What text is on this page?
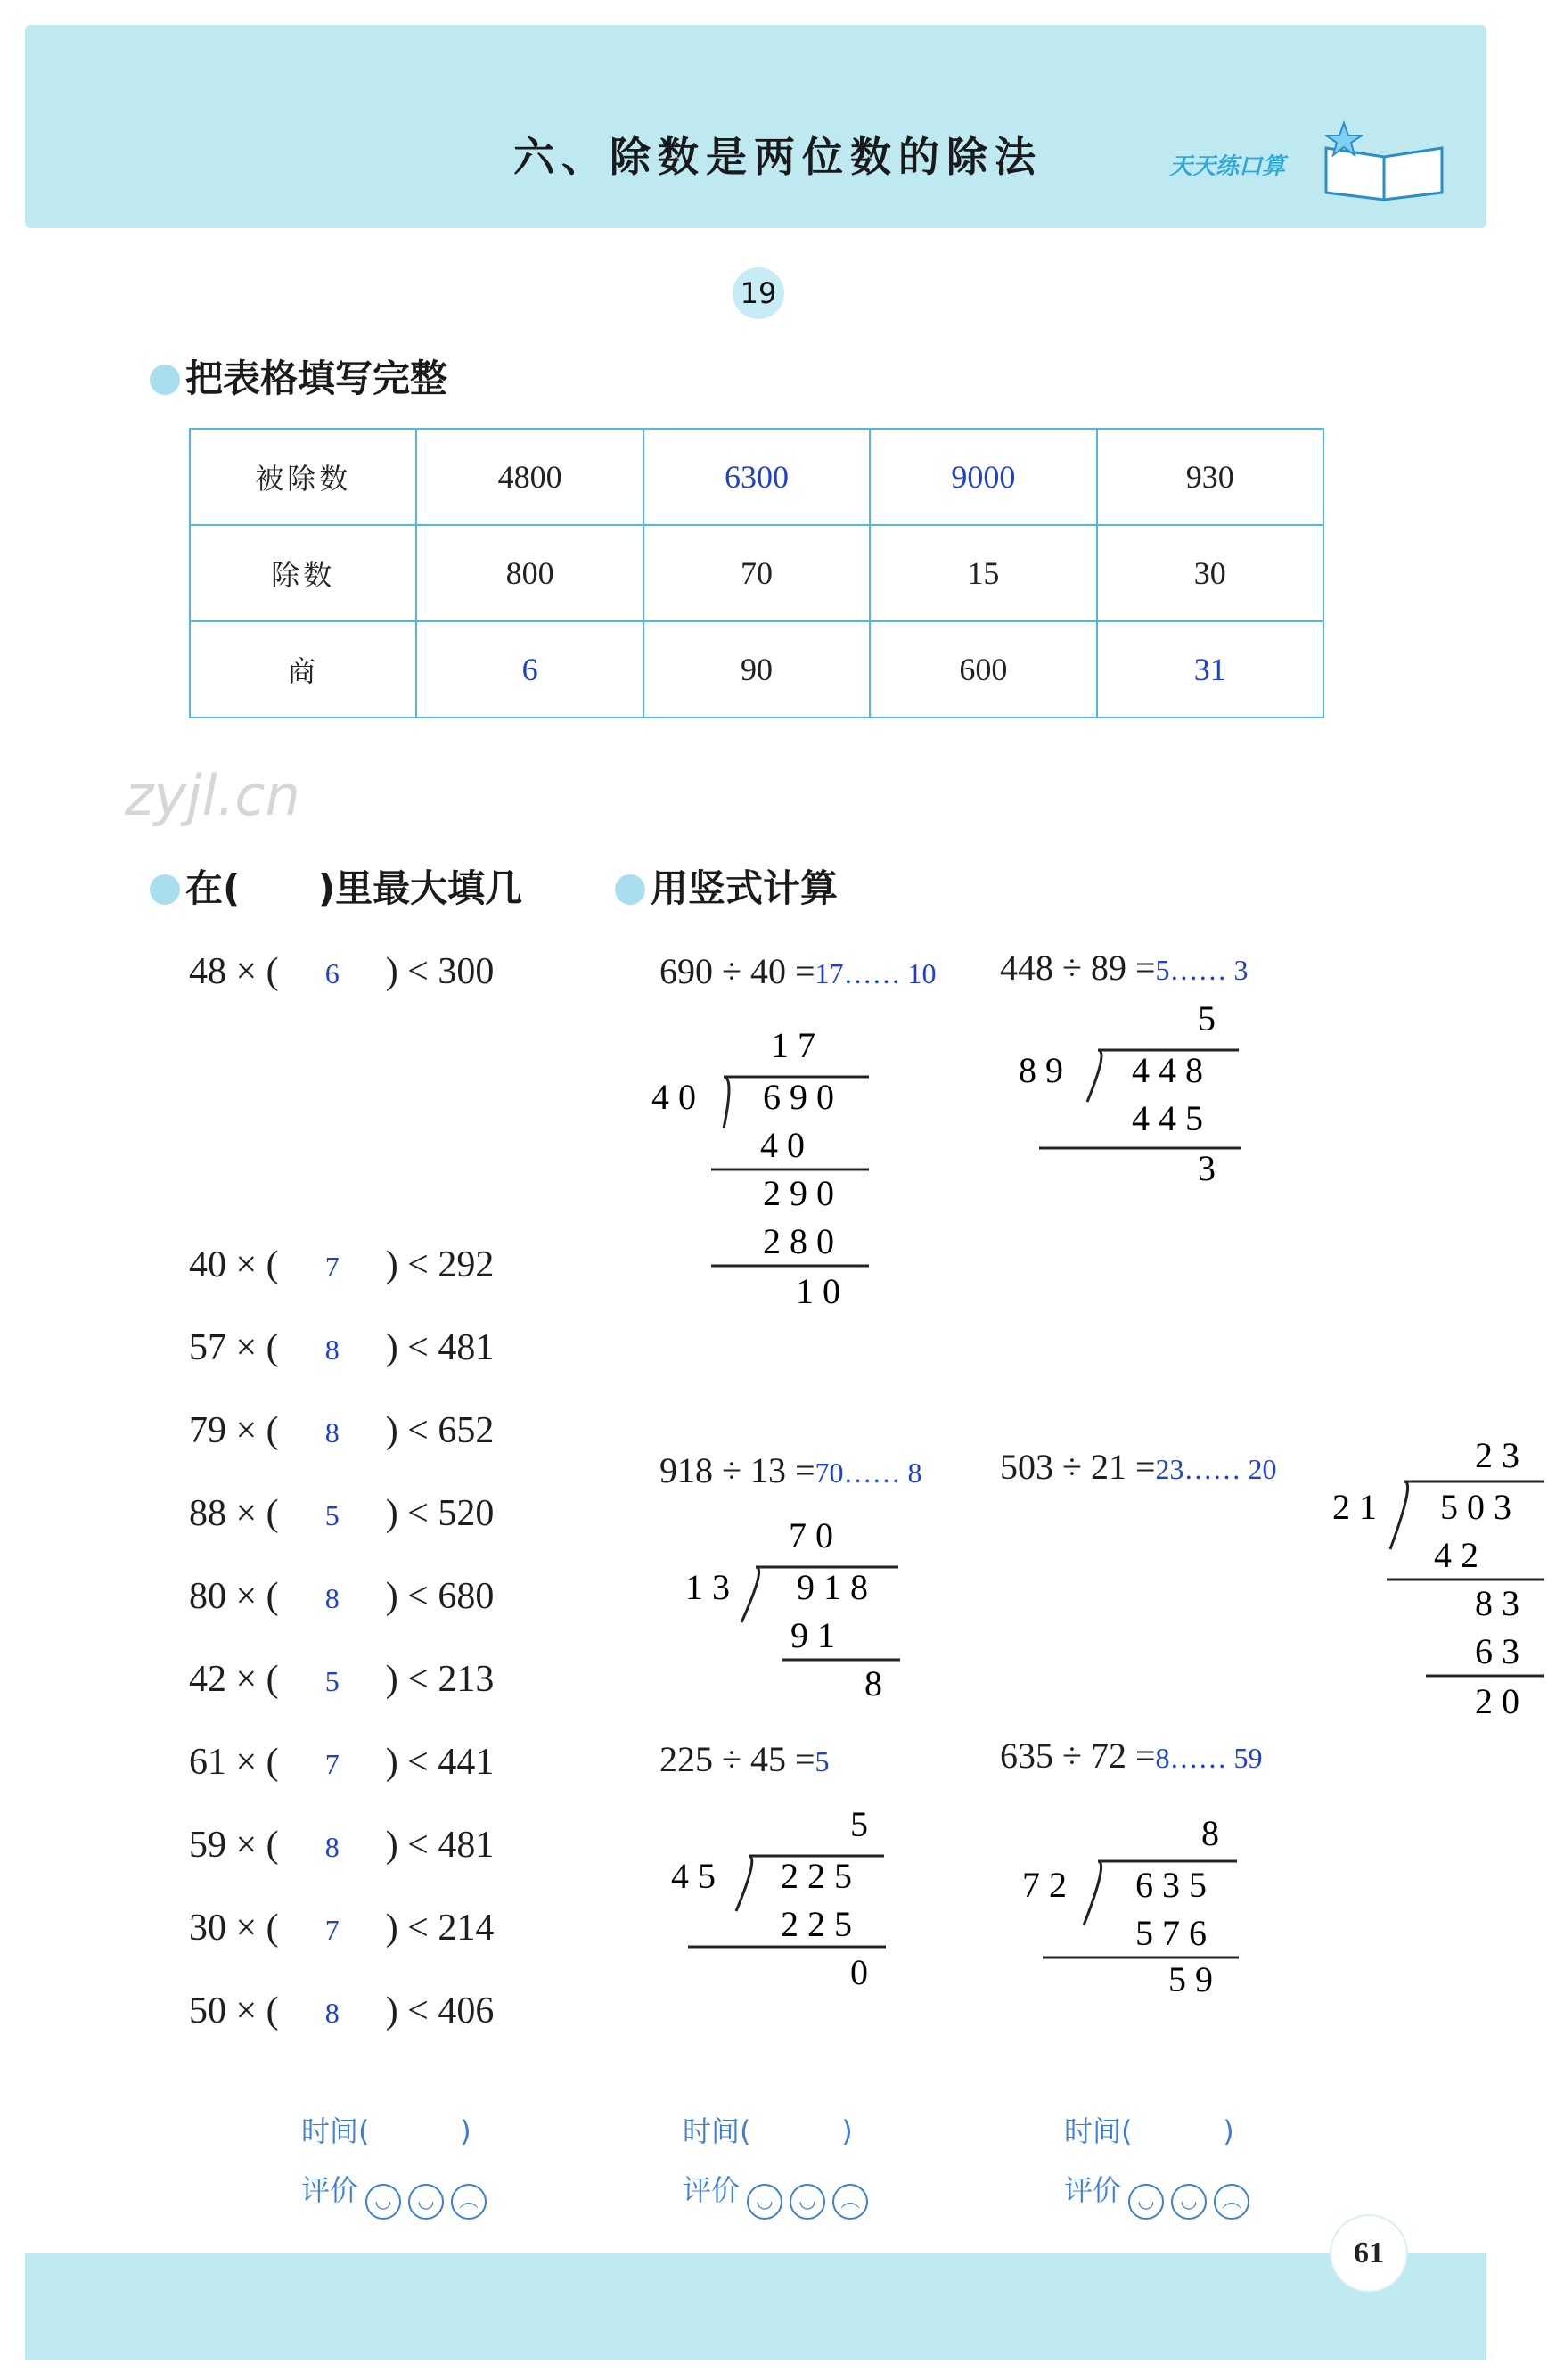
六、除数是两位数的除法	天天练口算
19
把表格填写完整
被除数	4800	6300	9000	930
除数	800	70	15	30
商	6	90	600	31
zyjl.cn
在(      )里最大填几	用竖式计算
48 × ( 6 ) < 300
40 × ( 7 ) < 292
57 × ( 8 ) < 481
79 × ( 8 ) < 652
88 × ( 5 ) < 520
80 × ( 8 ) < 680
42 × ( 5 ) < 213
61 × ( 7 ) < 441
59 × ( 8 ) < 481
30 × ( 7 ) < 214
50 × ( 8 ) < 406
690 ÷ 40 =17…… 10 448 ÷ 89 =5…… 3
918 ÷ 13 =70…… 8 503 ÷ 21 =23…… 20
225 ÷ 45 =5	635 ÷ 72 =8…… 59
1 7
4 0 6 9 0
4 0
2 9 0
2 8 0
1 0
5
8 9 4 4 8
4 4 5
3
7 0
1 3 9 1 8
9 1
8
2 3
2 1 5 0 3
4 2
8 3
6 3
2 0
5
4 5 2 2 5
2 2 5
0
8
7 2 6 3 5
5 7 6
5 9
时间(          )
评价 ◡ ◡ ︵
时间(          )
评价 ◡ ◡ ︵
时间(          )
评价 ◡ ◡ ︵
61
